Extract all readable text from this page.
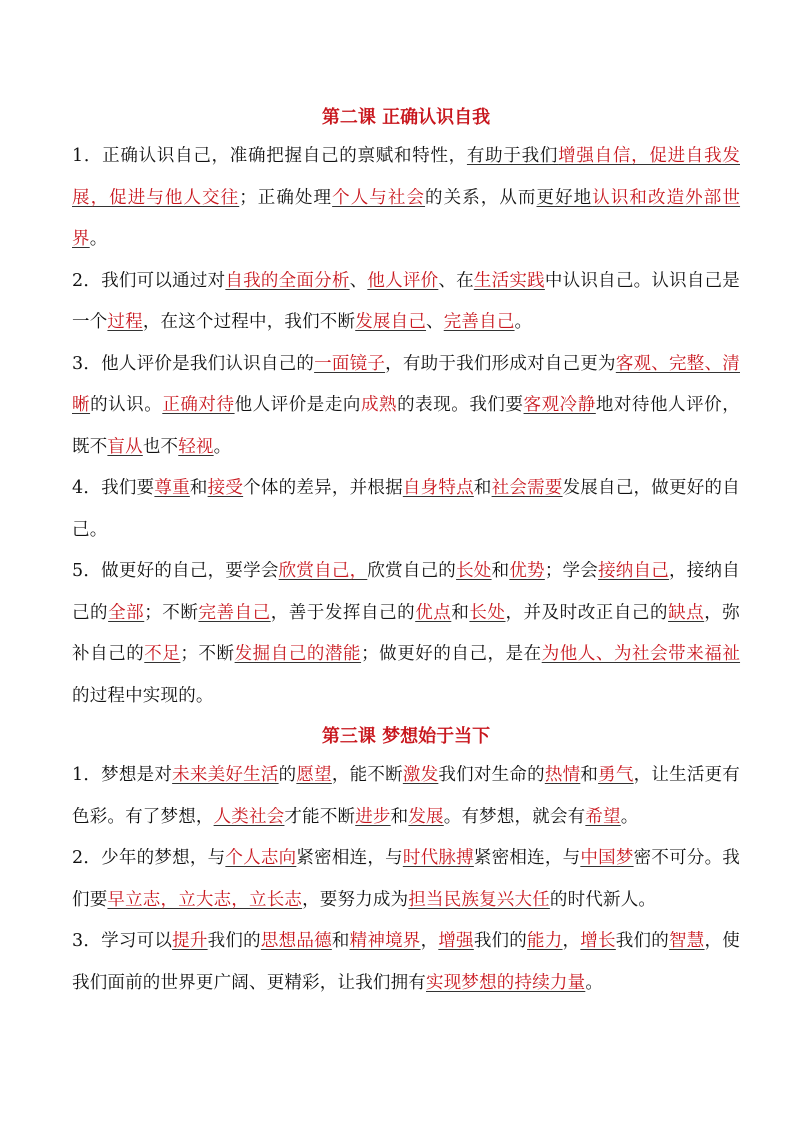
第二课 正确认识自我

1．正确认识自己，准确把握自己的禀赋和特性，有助于我们增强自信，促进自我发展，促进与他人交往；正确处理个人与社会的关系，从而更好地认识和改造外部世界。

2．我们可以通过对自我的全面分析、他人评价、在生活实践中认识自己。认识自己是一个过程，在这个过程中，我们不断发展自己、完善自己。

3．他人评价是我们认识自己的一面镜子，有助于我们形成对自己更为客观、完整、清晰的认识。正确对待他人评价是走向成熟的表现。我们要客观冷静地对待他人评价，既不盲从也不轻视。

4．我们要尊重和接受个体的差异，并根据自身特点和社会需要发展自己，做更好的自己。

5．做更好的自己，要学会欣赏自己，欣赏自己的长处和优势；学会接纳自己，接纳自己的全部；不断完善自己，善于发挥自己的优点和长处，并及时改正自己的缺点，弥补自己的不足；不断发掘自己的潜能；做更好的自己，是在为他人、为社会带来福祉的过程中实现的。

第三课 梦想始于当下

1．梦想是对未来美好生活的愿望，能不断激发我们对生命的热情和勇气，让生活更有色彩。有了梦想，人类社会才能不断进步和发展。有梦想，就会有希望。

2．少年的梦想，与个人志向紧密相连，与时代脉搏紧密相连，与中国梦密不可分。我们要早立志，立大志，立长志，要努力成为担当民族复兴大任的时代新人。

3．学习可以提升我们的思想品德和精神境界，增强我们的能力，增长我们的智慧，使我们面前的世界更广阔、更精彩，让我们拥有实现梦想的持续力量。
